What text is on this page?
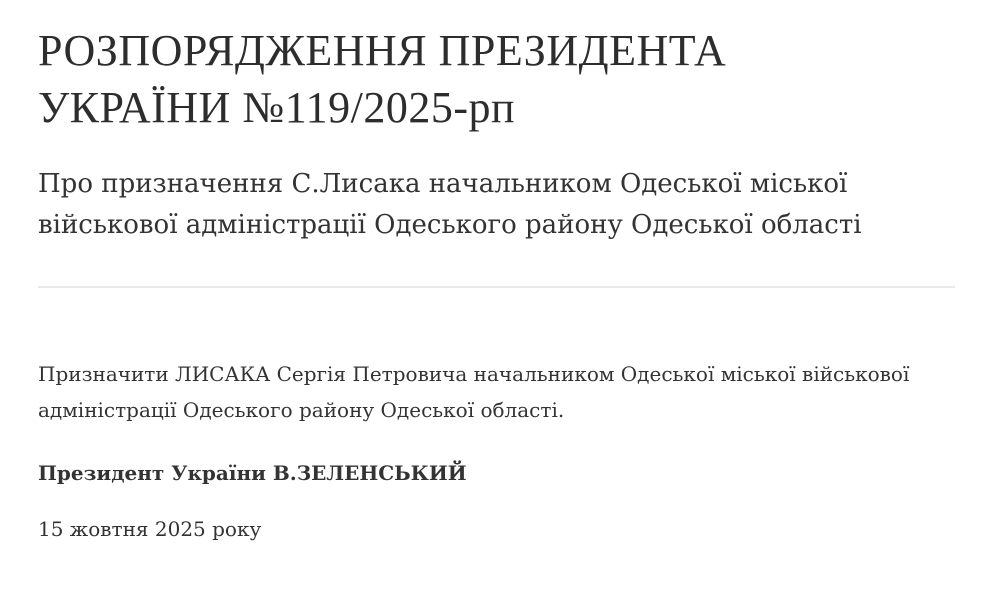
РОЗПОРЯДЖЕННЯ ПРЕЗИДЕНТА УКРАЇНИ №119/2025-рп

Про призначення С.Лисака начальником Одеської міської військової адміністрації Одеського району Одеської області

Призначити ЛИСАКА Сергія Петровича начальником Одеської міської військової адміністрації Одеського району Одеської області.

Президент України В.ЗЕЛЕНСЬКИЙ

15 жовтня 2025 року
